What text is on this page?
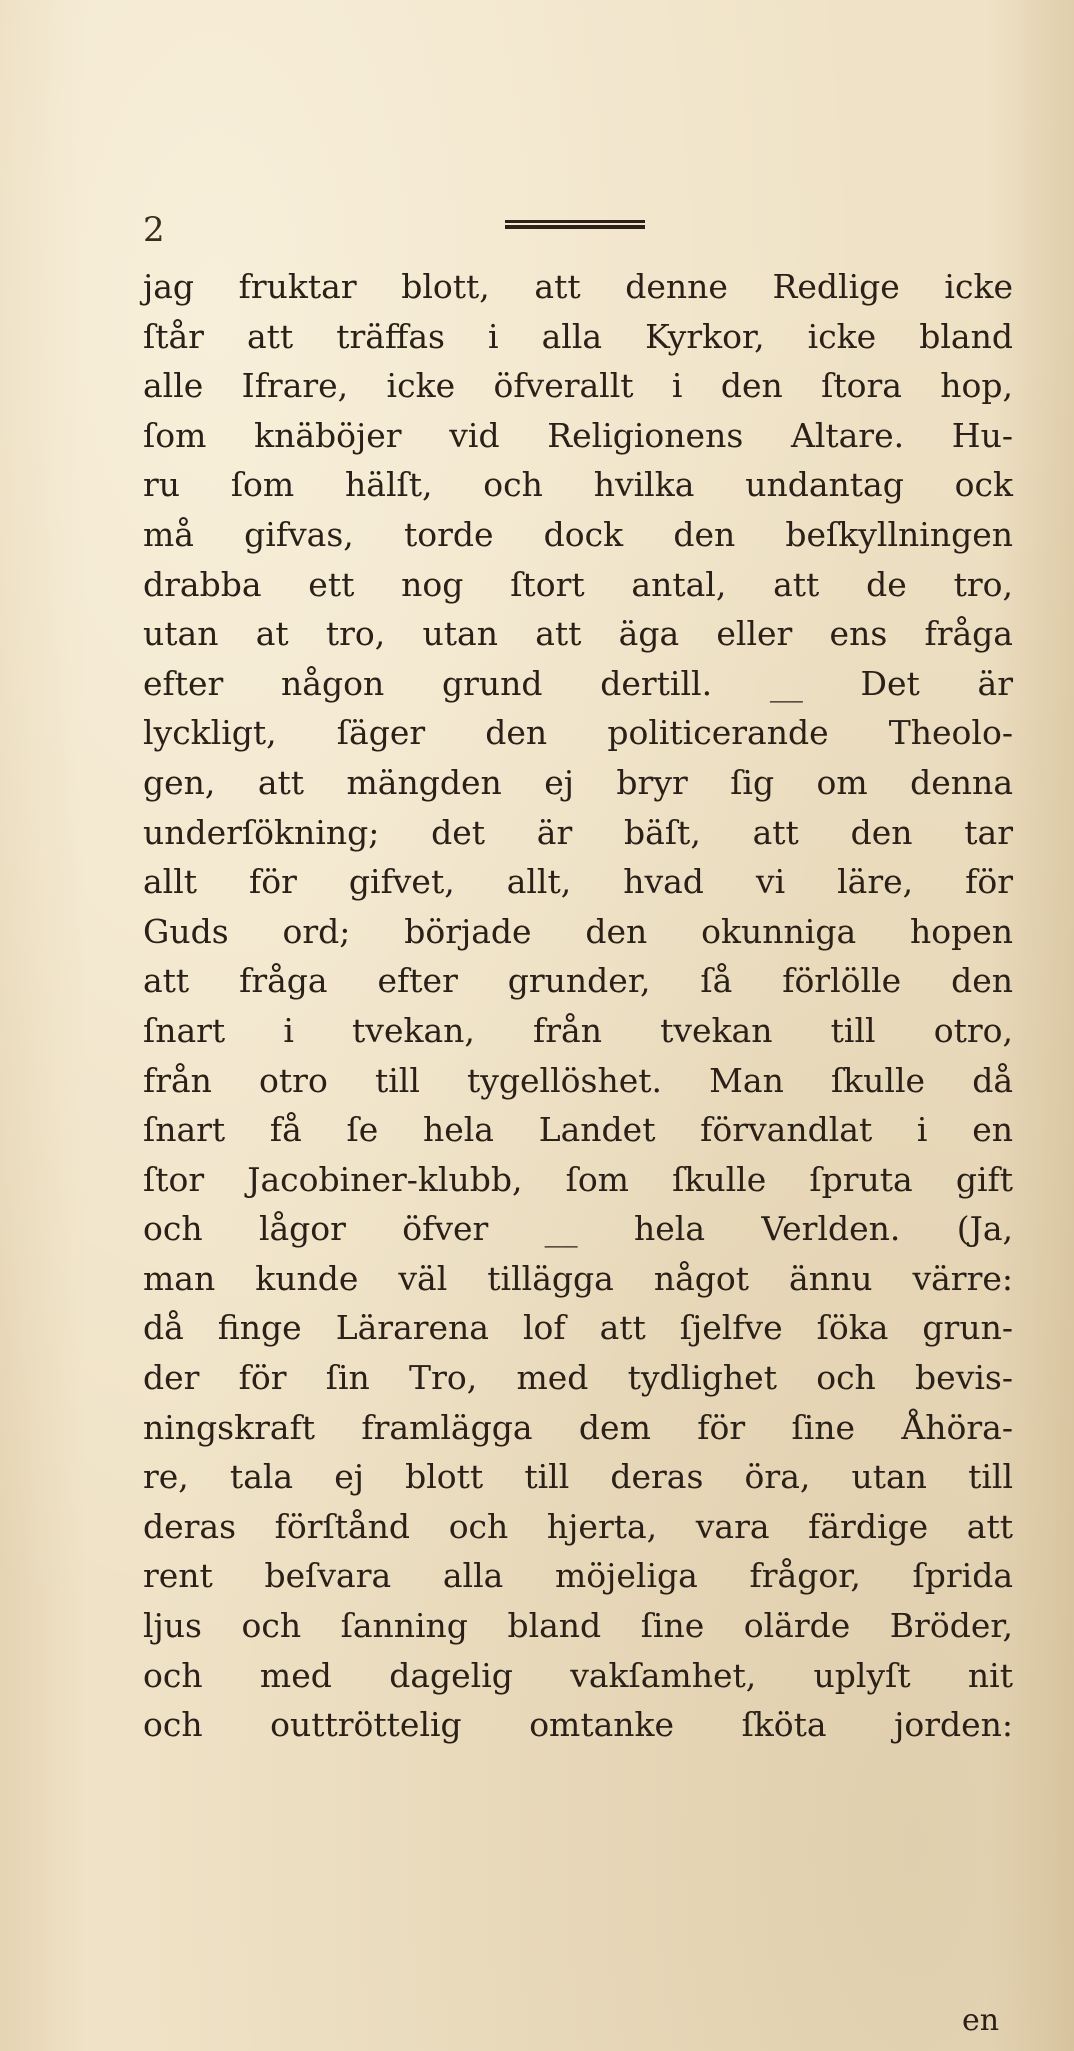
2
jag fruktar blott, att denne Redlige icke
ſtår att träffas i alla Kyrkor, icke bland
alle Ifrare, icke öfverallt i den ſtora hop,
ſom knäböjer vid Religionens Altare. Hu-
ru ſom hälſt, och hvilka undantag ock
må gifvas, torde dock den beſkyllningen
drabba ett nog ſtort antal, att de tro,
utan at tro, utan att äga eller ens fråga
efter någon grund dertill. __ Det är
lyckligt, ſäger den politicerande Theolo-
gen, att mängden ej bryr ſig om denna
underſökning; det är bäſt, att den tar
allt för gifvet, allt, hvad vi läre, för
Guds ord; började den okunniga hopen
att fråga efter grunder, ſå förlölle den
ſnart i tvekan, från tvekan till otro,
från otro till tygellöshet. Man ſkulle då
ſnart få ſe hela Landet förvandlat i en
ſtor Jacobiner-klubb, ſom ſkulle ſpruta gift
och lågor öfver __ hela Verlden. (Ja,
man kunde väl tillägga något ännu värre:
då finge Lärarena lof att ſjelfve ſöka grun-
der för ſin Tro, med tydlighet och bevis-
ningskraft framlägga dem för ſine Åhöra-
re, tala ej blott till deras öra, utan till
deras förſtånd och hjerta, vara färdige att
rent beſvara alla möjeliga frågor, ſprida
ljus och ſanning bland ſine olärde Bröder,
och med dagelig vakſamhet, uplyſt nit
och outtröttelig omtanke ſköta jorden:
en
